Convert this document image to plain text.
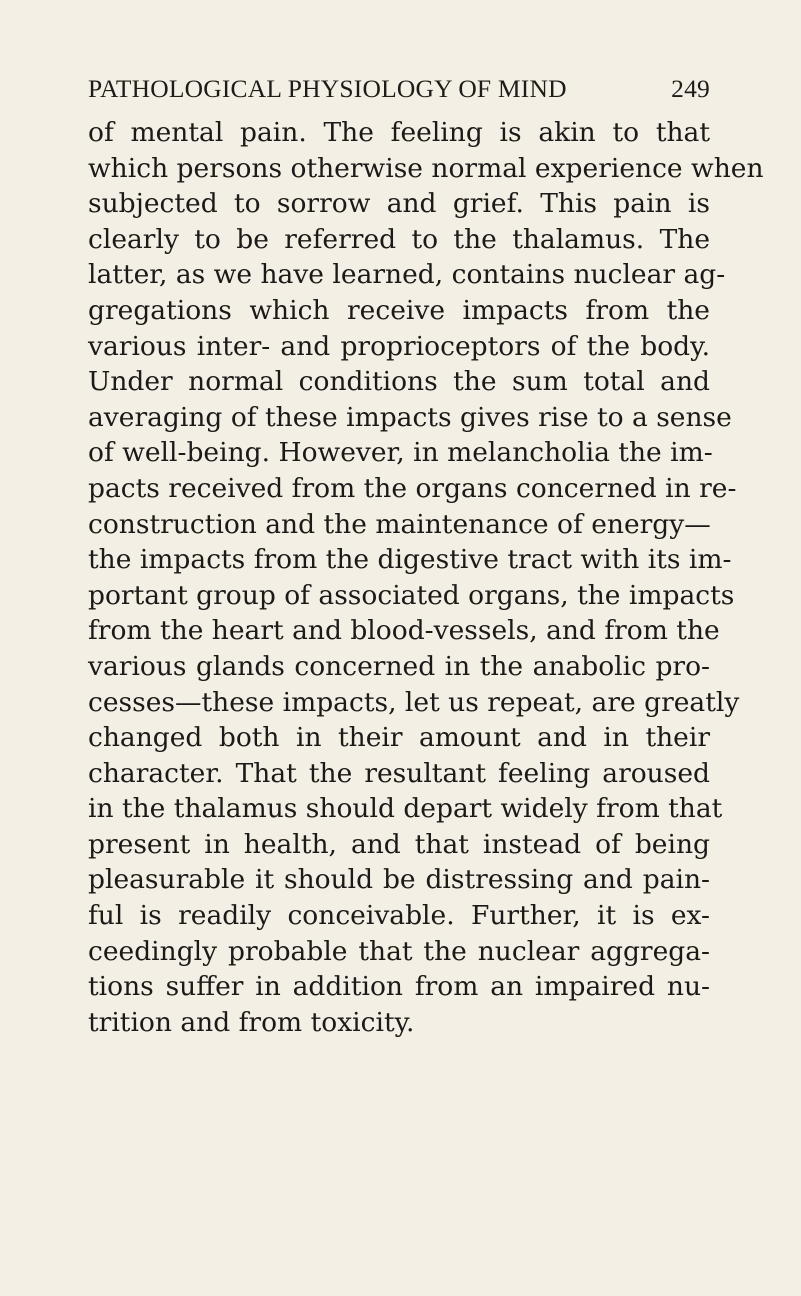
PATHOLOGICAL PHYSIOLOGY OF MIND	249
of mental pain. The feeling is akin to that
which persons otherwise normal experience when
subjected to sorrow and grief. This pain is
clearly to be referred to the thalamus. The
latter, as we have learned, contains nuclear ag-
gregations which receive impacts from the
various inter- and proprioceptors of the body.
Under normal conditions the sum total and
averaging of these impacts gives rise to a sense
of well-being. However, in melancholia the im-
pacts received from the organs concerned in re-
construction and the maintenance of energy—
the impacts from the digestive tract with its im-
portant group of associated organs, the impacts
from the heart and blood-vessels, and from the
various glands concerned in the anabolic pro-
cesses—these impacts, let us repeat, are greatly
changed both in their amount and in their
character. That the resultant feeling aroused
in the thalamus should depart widely from that
present in health, and that instead of being
pleasurable it should be distressing and pain-
ful is readily conceivable. Further, it is ex-
ceedingly probable that the nuclear aggrega-
tions suffer in addition from an impaired nu-
trition and from toxicity.
